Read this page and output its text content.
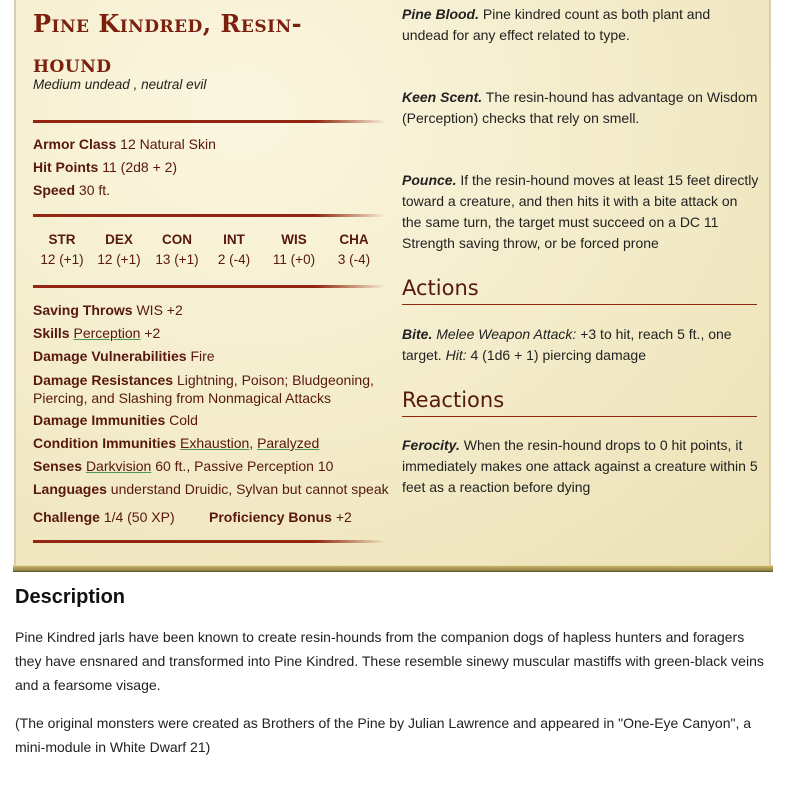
Pine Kindred, Resin-hound
Medium undead , neutral evil
Armor Class 12 Natural Skin
Hit Points 11 (2d8 + 2)
Speed 30 ft.
STR
12 (+1)
DEX
12 (+1)
CON
13 (+1)
INT
2 (-4)
WIS
11 (+0)
CHA
3 (-4)
Saving Throws WIS +2
Skills Perception +2
Damage Vulnerabilities Fire
Damage Resistances Lightning, Poison; Bludgeoning, Piercing, and Slashing from Nonmagical Attacks
Damage Immunities Cold
Condition Immunities Exhaustion, Paralyzed
Senses Darkvision 60 ft., Passive Perception 10
Languages understand Druidic, Sylvan but cannot speak
Challenge 1/4 (50 XP) Proficiency Bonus +2
Pine Blood. Pine kindred count as both plant and undead for any effect related to type.
Keen Scent. The resin-hound has advantage on Wisdom (Perception) checks that rely on smell.
Pounce. If the resin-hound moves at least 15 feet directly toward a creature, and then hits it with a bite attack on the same turn, the target must succeed on a DC 11 Strength saving throw, or be forced prone
Actions
Bite. Melee Weapon Attack: +3 to hit, reach 5 ft., one target. Hit: 4 (1d6 + 1) piercing damage
Reactions
Ferocity. When the resin-hound drops to 0 hit points, it immediately makes one attack against a creature within 5 feet as a reaction before dying
Description
Pine Kindred jarls have been known to create resin-hounds from the companion dogs of hapless hunters and foragers they have ensnared and transformed into Pine Kindred. These resemble sinewy muscular mastiffs with green-black veins and a fearsome visage.
(The original monsters were created as Brothers of the Pine by Julian Lawrence and appeared in "One-Eye Canyon", a mini-module in White Dwarf 21)
